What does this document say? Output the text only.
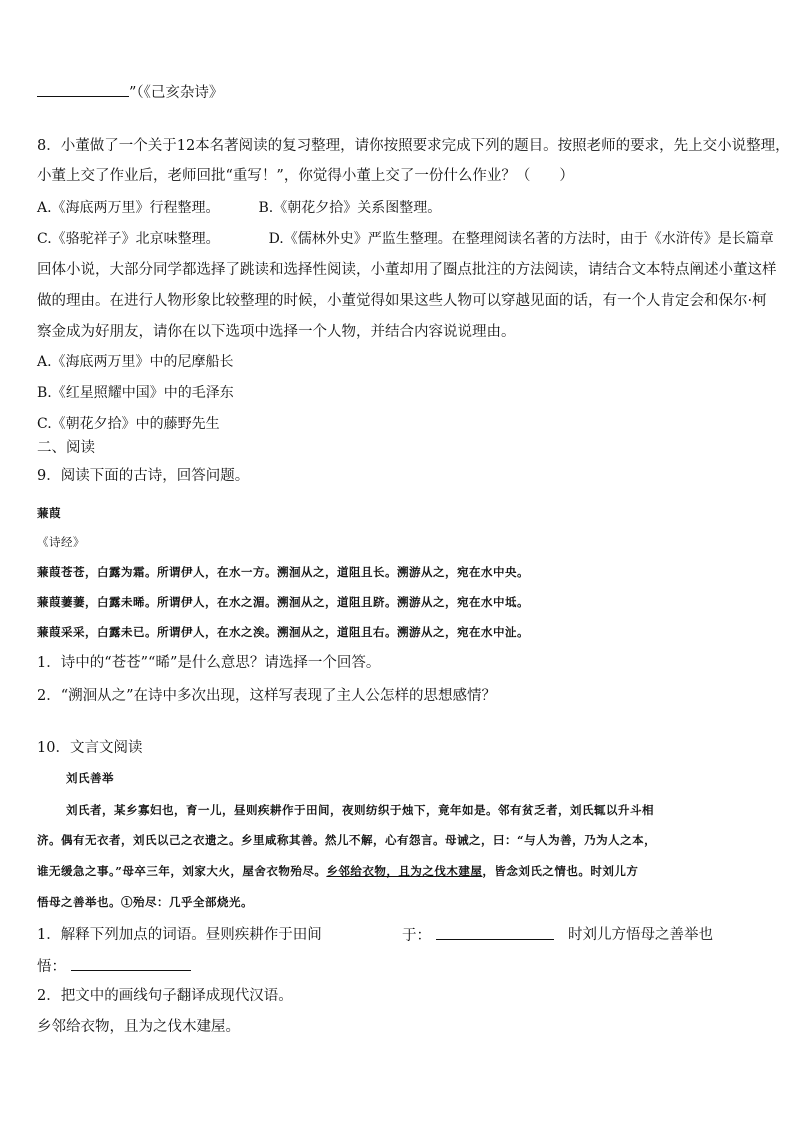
”（《己亥杂诗》
8．小董做了一个关于12本名著阅读的复习整理，请你按照要求完成下列的题目。按照老师的要求，先上交小说整理，
小董上交了作业后，老师回批“重写！”，你觉得小董上交了一份什么作业？（　　）
A.《海底两万里》行程整理。	B.《朝花夕拾》关系图整理。
C.《骆驼祥子》北京味整理。	D.《儒林外史》严监生整理。在整理阅读名著的方法时，由于《水浒传》是长篇章
回体小说，大部分同学都选择了跳读和选择性阅读，小董却用了圈点批注的方法阅读，请结合文本特点阐述小董这样
做的理由。在进行人物形象比较整理的时候，小董觉得如果这些人物可以穿越见面的话，有一个人肯定会和保尔·柯
察金成为好朋友，请你在以下选项中选择一个人物，并结合内容说说理由。
A.《海底两万里》中的尼摩船长
B.《红星照耀中国》中的毛泽东
C.《朝花夕拾》中的藤野先生
二、阅读
9．阅读下面的古诗，回答问题。
蒹葭
《诗经》
蒹葭苍苍，白露为霜。所谓伊人，在水一方。溯洄从之，道阻且长。溯游从之，宛在水中央。
蒹葭萋萋，白露未晞。所谓伊人，在水之湄。溯洄从之，道阻且跻。溯游从之，宛在水中坻。
蒹葭采采，白露未已。所谓伊人，在水之涘。溯洄从之，道阻且右。溯游从之，宛在水中沚。
1．诗中的“苍苍”“晞”是什么意思？请选择一个回答。
2．“溯洄从之”在诗中多次出现，这样写表现了主人公怎样的思想感情？
10．文言文阅读
刘氏善举
刘氏者，某乡寡妇也，育一儿，昼则疾耕作于田间，夜则纺织于烛下，竟年如是。邻有贫乏者，刘氏辄以升斗相
济。偶有无衣者，刘氏以己之衣遗之。乡里咸称其善。然儿不解，心有怨言。母诫之，曰：“与人为善，乃为人之本，
谁无缓急之事。”母卒三年，刘家大火，屋舍衣物殆尽。乡邻给衣物，且为之伐木建屋，皆念刘氏之情也。时刘儿方
悟母之善举也。①殆尽：几乎全部烧光。
1．解释下列加点的词语。昼则疾耕作于田间	于：	时刘儿方悟母之善举也
悟：
2．把文中的画线句子翻译成现代汉语。
乡邻给衣物，且为之伐木建屋。
